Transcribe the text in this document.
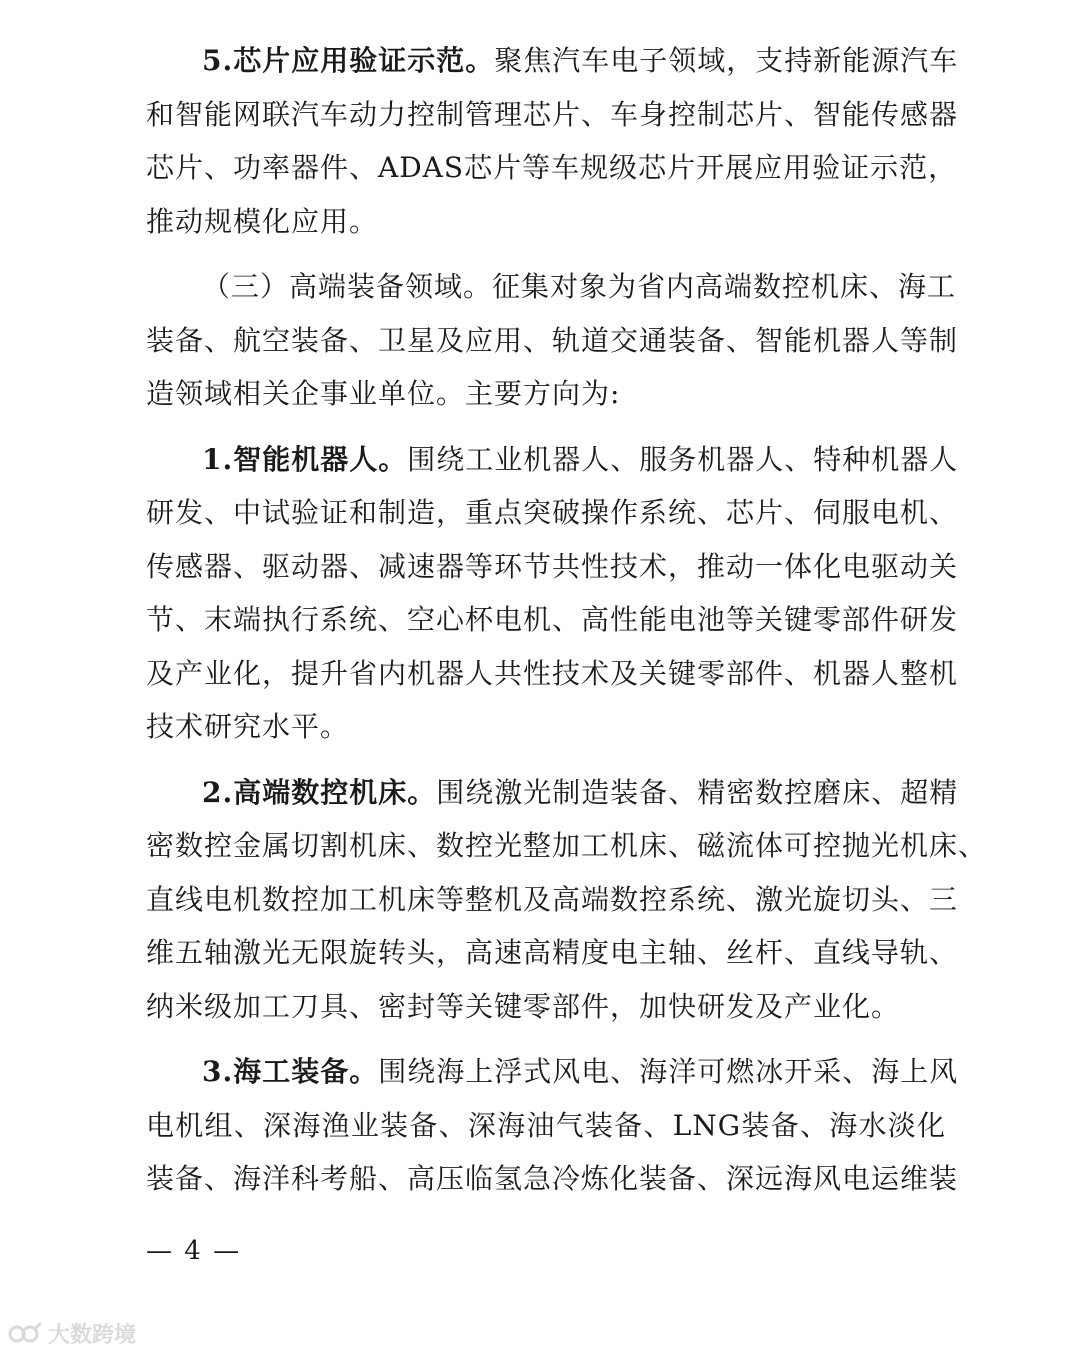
5.芯片应用验证示范。聚焦汽车电子领域，支持新能源汽车
和智能网联汽车动力控制管理芯片、车身控制芯片、智能传感器
芯片、功率器件、ADAS芯片等车规级芯片开展应用验证示范，
推动规模化应用。
（三）高端装备领域。征集对象为省内高端数控机床、海工
装备、航空装备、卫星及应用、轨道交通装备、智能机器人等制
造领域相关企事业单位。主要方向为:
1.智能机器人。围绕工业机器人、服务机器人、特种机器人
研发、中试验证和制造，重点突破操作系统、芯片、伺服电机、
传感器、驱动器、减速器等环节共性技术，推动一体化电驱动关
节、末端执行系统、空心杯电机、高性能电池等关键零部件研发
及产业化，提升省内机器人共性技术及关键零部件、机器人整机
技术研究水平。
2.高端数控机床。围绕激光制造装备、精密数控磨床、超精
密数控金属切割机床、数控光整加工机床、磁流体可控抛光机床、
直线电机数控加工机床等整机及高端数控系统、激光旋切头、三
维五轴激光无限旋转头，高速高精度电主轴、丝杆、直线导轨、
纳米级加工刀具、密封等关键零部件，加快研发及产业化。
3.海工装备。围绕海上浮式风电、海洋可燃冰开采、海上风
电机组、深海渔业装备、深海油气装备、LNG装备、海水淡化
装备、海洋科考船、高压临氢急冷炼化装备、深远海风电运维装
— 4 —
大数跨境
